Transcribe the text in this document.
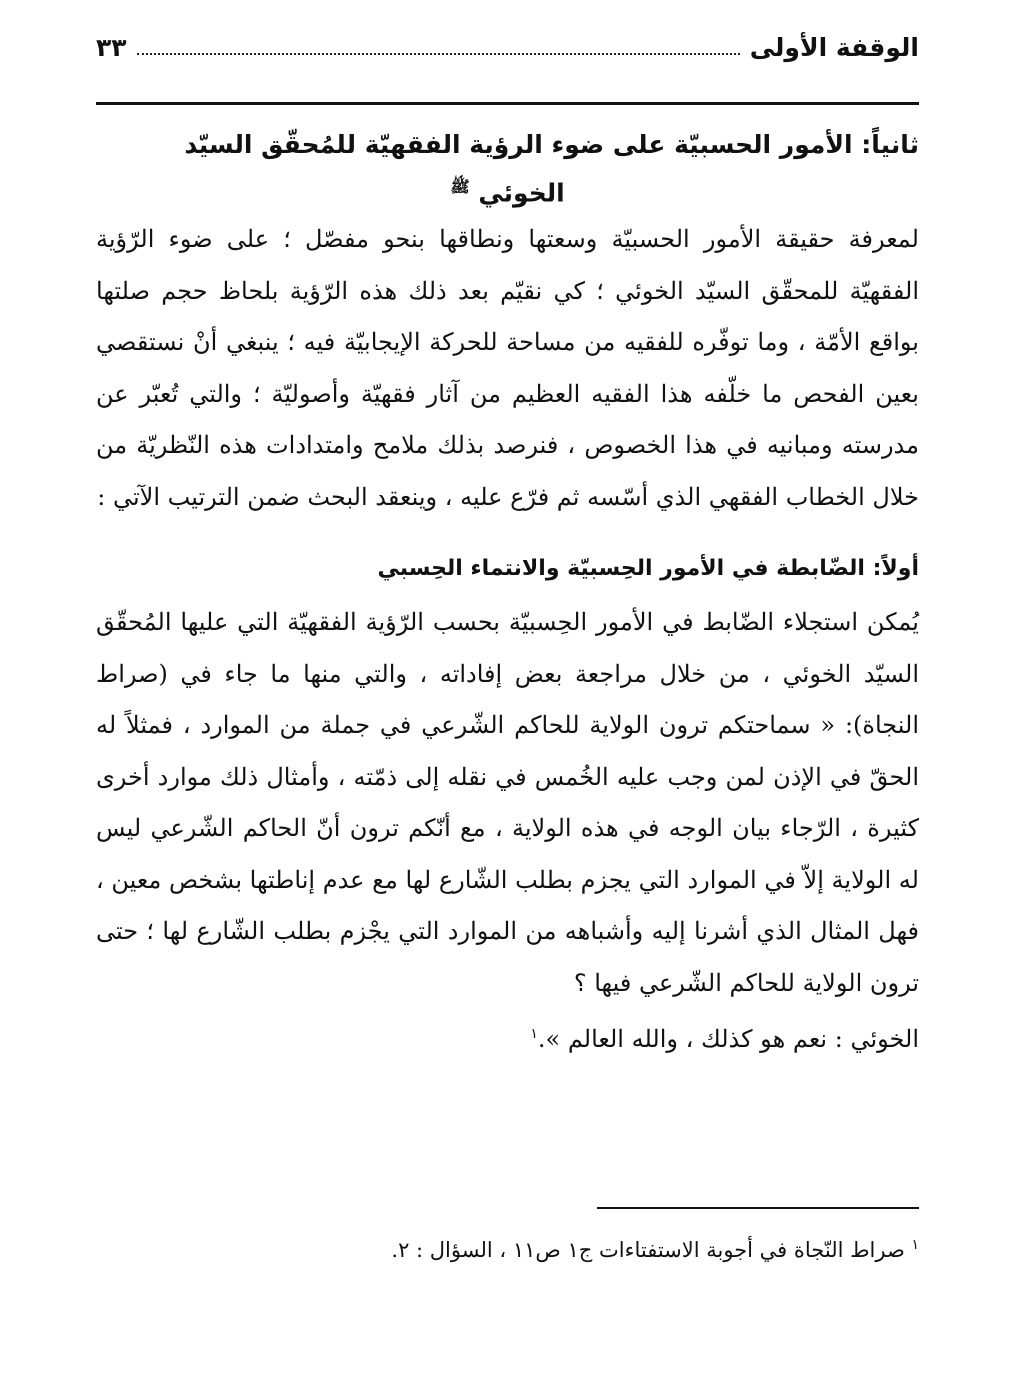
الوقفة الأولى
٣٣
ثانياً: الأمور الحسبيّة على ضوء الرؤية الفقهيّة للمُحقّق السيّد
الخوئي $^ﷺ$

لمعرفة حقيقة الأمور الحسبيّة وسعتها ونطاقها بنحو مفصّل ؛ على ضوء الرّؤية الفقهيّة للمحقّق السيّد الخوئي ؛ كي نقيّم بعد ذلك هذه الرّؤية بلحاظ حجم صلتها بواقع الأمّة ، وما توفّره للفقيه من مساحة للحركة الإيجابيّة فيه ؛ ينبغي أنْ نستقصي بعين الفحص ما خلّفه هذا الفقيه العظيم من آثار فقهيّة وأصوليّة ؛ والتي تُعبّر عن مدرسته ومبانيه في هذا الخصوص ، فنرصد بذلك ملامح وامتدادات هذه النّظريّة من خلال الخطاب الفقهي الذي أسّسه ثم فرّع عليه ، وينعقد البحث ضمن الترتيب الآتي :

أولاً: الضّابطة في الأمور الحِسبيّة والانتماء الحِسبي

يُمكن استجلاء الضّابط في الأمور الحِسبيّة بحسب الرّؤية الفقهيّة التي عليها المُحقّق السيّد الخوئي ، من خلال مراجعة بعض إفاداته ، والتي منها ما جاء في (صراط النجاة): « سماحتكم ترون الولاية للحاكم الشّرعي في جملة من الموارد ، فمثلاً له الحقّ في الإذن لمن وجب عليه الخُمس في نقله إلى ذمّته ، وأمثال ذلك موارد أخرى كثيرة ، الرّجاء بيان الوجه في هذه الولاية ، مع أنّكم ترون أنّ الحاكم الشّرعي ليس له الولاية إلاّ في الموارد التي يجزم بطلب الشّارع لها مع عدم إناطتها بشخص معين ، فهل المثال الذي أشرنا إليه وأشباهه من الموارد التي يجْزم بطلب الشّارع لها ؛ حتى ترون الولاية للحاكم الشّرعي فيها ؟

الخوئي : نعم هو كذلك ، والله العالم ».$^١$

$^١$ صراط النّجاة في أجوبة الاستفتاءات ج١ ص١١ ، السؤال : ٢.
